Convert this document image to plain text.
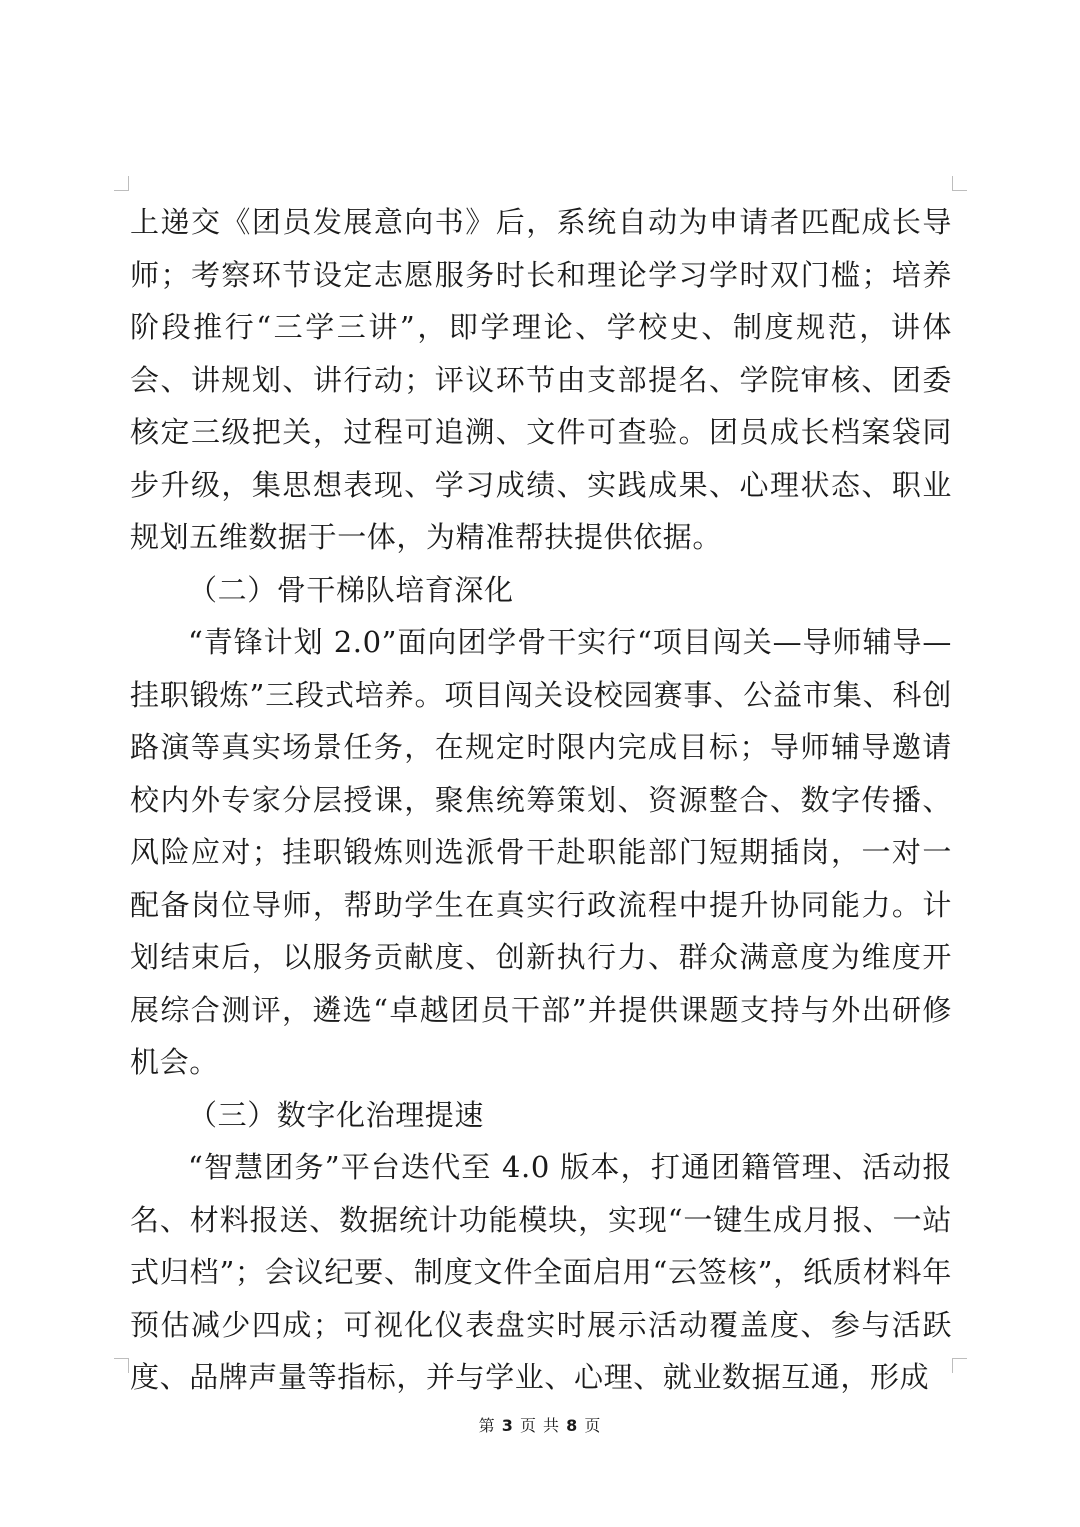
上递交《团员发展意向书》后，系统自动为申请者匹配成长导师；考察环节设定志愿服务时长和理论学习学时双门槛；培养阶段推行“三学三讲”，即学理论、学校史、制度规范，讲体会、讲规划、讲行动；评议环节由支部提名、学院审核、团委核定三级把关，过程可追溯、文件可查验。团员成长档案袋同步升级，集思想表现、学习成绩、实践成果、心理状态、职业规划五维数据于一体，为精准帮扶提供依据。

（二）骨干梯队培育深化

“青锋计划 2.0”面向团学骨干实行“项目闯关—导师辅导—挂职锻炼”三段式培养。项目闯关设校园赛事、公益市集、科创路演等真实场景任务，在规定时限内完成目标；导师辅导邀请校内外专家分层授课，聚焦统筹策划、资源整合、数字传播、风险应对；挂职锻炼则选派骨干赴职能部门短期插岗，一对一配备岗位导师，帮助学生在真实行政流程中提升协同能力。计划结束后，以服务贡献度、创新执行力、群众满意度为维度开展综合测评，遴选“卓越团员干部”并提供课题支持与外出研修机会。

（三）数字化治理提速

“智慧团务”平台迭代至 4.0 版本，打通团籍管理、活动报名、材料报送、数据统计功能模块，实现“一键生成月报、一站式归档”；会议纪要、制度文件全面启用“云签核”，纸质材料年预估减少四成；可视化仪表盘实时展示活动覆盖度、参与活跃度、品牌声量等指标，并与学业、心理、就业数据互通，形成

第 3 页 共 8 页
